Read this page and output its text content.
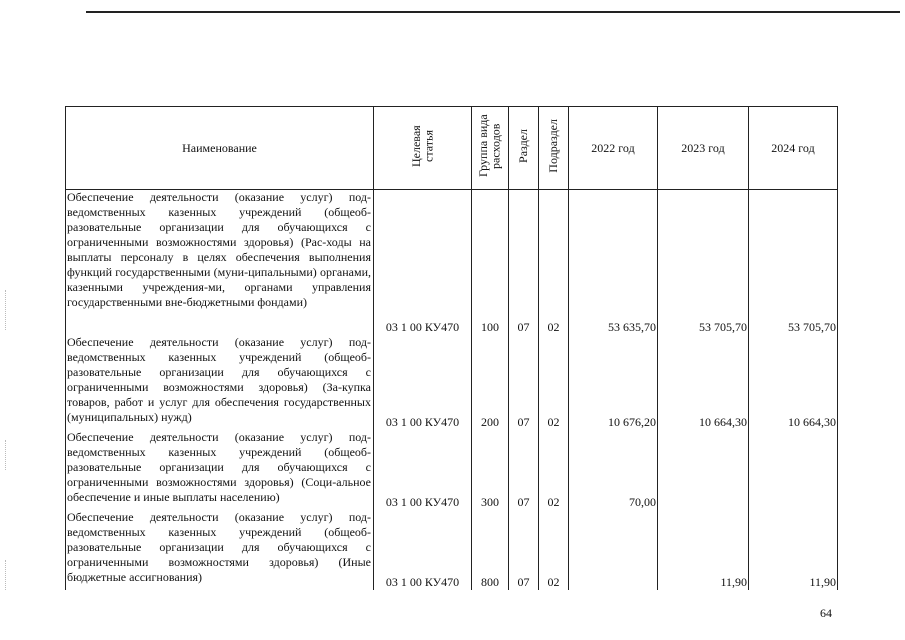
Наименование	Целевая статья	Группа вида расходов	Раздел	Подраздел	2022 год	2023 год	2024 год
Обеспечение деятельности (оказание услуг) под-ведомственных казенных учреждений (общеоб-разовательные организации для обучающихся с ограниченными возможностями здоровья) (Рас-ходы на выплаты персоналу в целях обеспечения выполнения функций государственными (муни-ципальными) органами, казенными учреждения-ми, органами управления государственными вне-бюджетными фондами)	03 1 00 КУ470	100	07	02	53 635,70	53 705,70	53 705,70
Обеспечение деятельности (оказание услуг) под-ведомственных казенных учреждений (общеоб-разовательные организации для обучающихся с ограниченными возможностями здоровья) (За-купка товаров, работ и услуг для обеспечения государственных (муниципальных) нужд)	03 1 00 КУ470	200	07	02	10 676,20	10 664,30	10 664,30
Обеспечение деятельности (оказание услуг) под-ведомственных казенных учреждений (общеоб-разовательные организации для обучающихся с ограниченными возможностями здоровья) (Соци-альное обеспечение и иные выплаты населению)	03 1 00 КУ470	300	07	02	70,00		
Обеспечение деятельности (оказание услуг) под-ведомственных казенных учреждений (общеоб-разовательные организации для обучающихся с ограниченными возможностями здоровья) (Иные бюджетные ассигнования)	03 1 00 КУ470	800	07	02		11,90	11,90
64
